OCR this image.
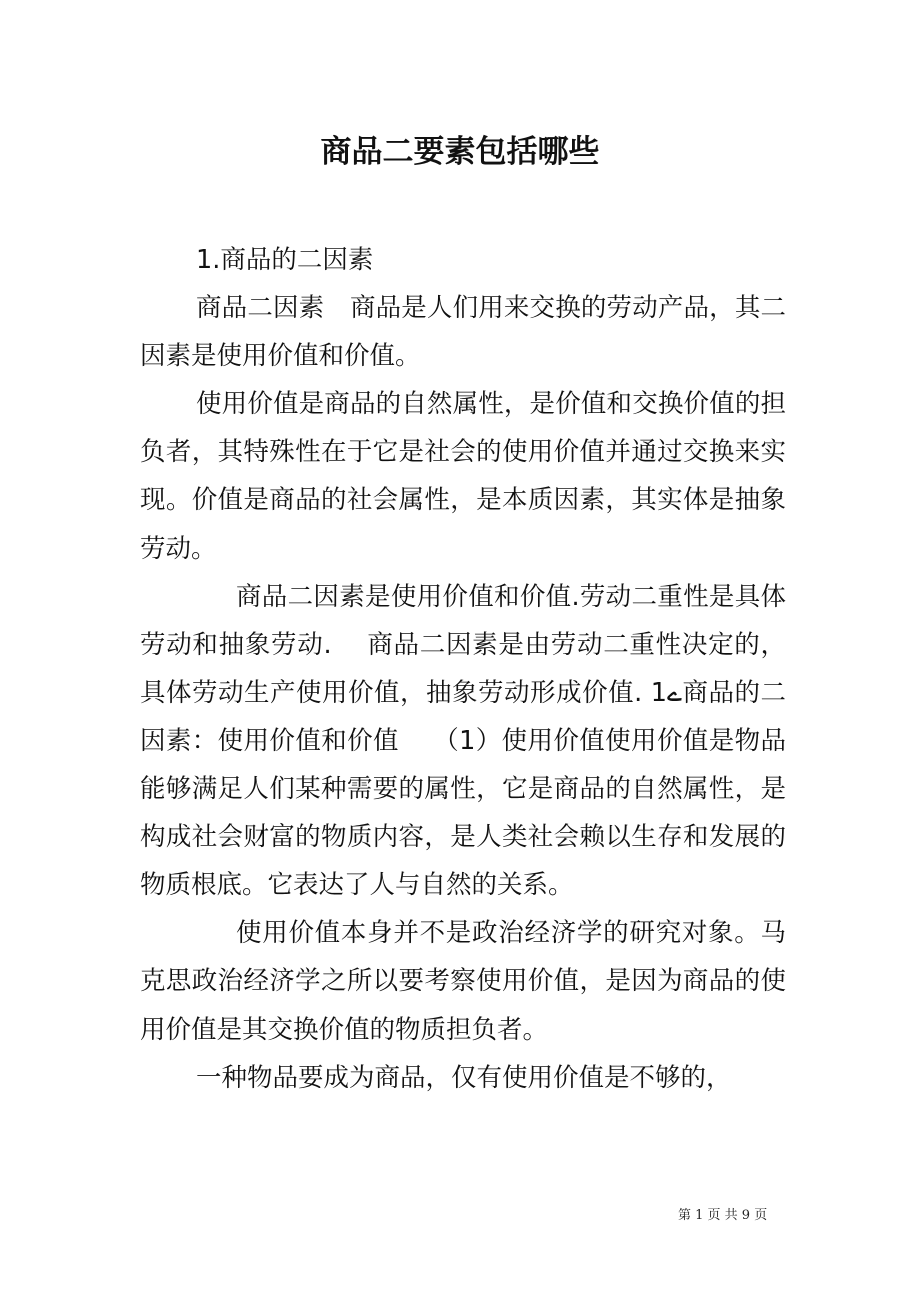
商品二要素包括哪些

1.商品的二因素

商品二因素　商品是人们用来交换的劳动产品，其二因素是使用价值和价值。

使用价值是商品的自然属性，是价值和交换价值的担负者，其特殊性在于它是社会的使用价值并通过交换来实现。价值是商品的社会属性，是本质因素，其实体是抽象劳动。

商品二因素是使用价值和价值.劳动二重性是具体劳动和抽象劳动.　 商品二因素是由劳动二重性决定的，具体劳动生产使用价值，抽象劳动形成价值. 1ے商品的二因素：使用价值和价值　 （1）使用价值使用价值是物品能够满足人们某种需要的属性，它是商品的自然属性，是构成社会财富的物质内容，是人类社会赖以生存和发展的物质根底。它表达了人与自然的关系。

使用价值本身并不是政治经济学的研究对象。马克思政治经济学之所以要考察使用价值，是因为商品的使用价值是其交换价值的物质担负者。

一种物品要成为商品，仅有使用价值是不够的，

第 1 页 共 9 页
